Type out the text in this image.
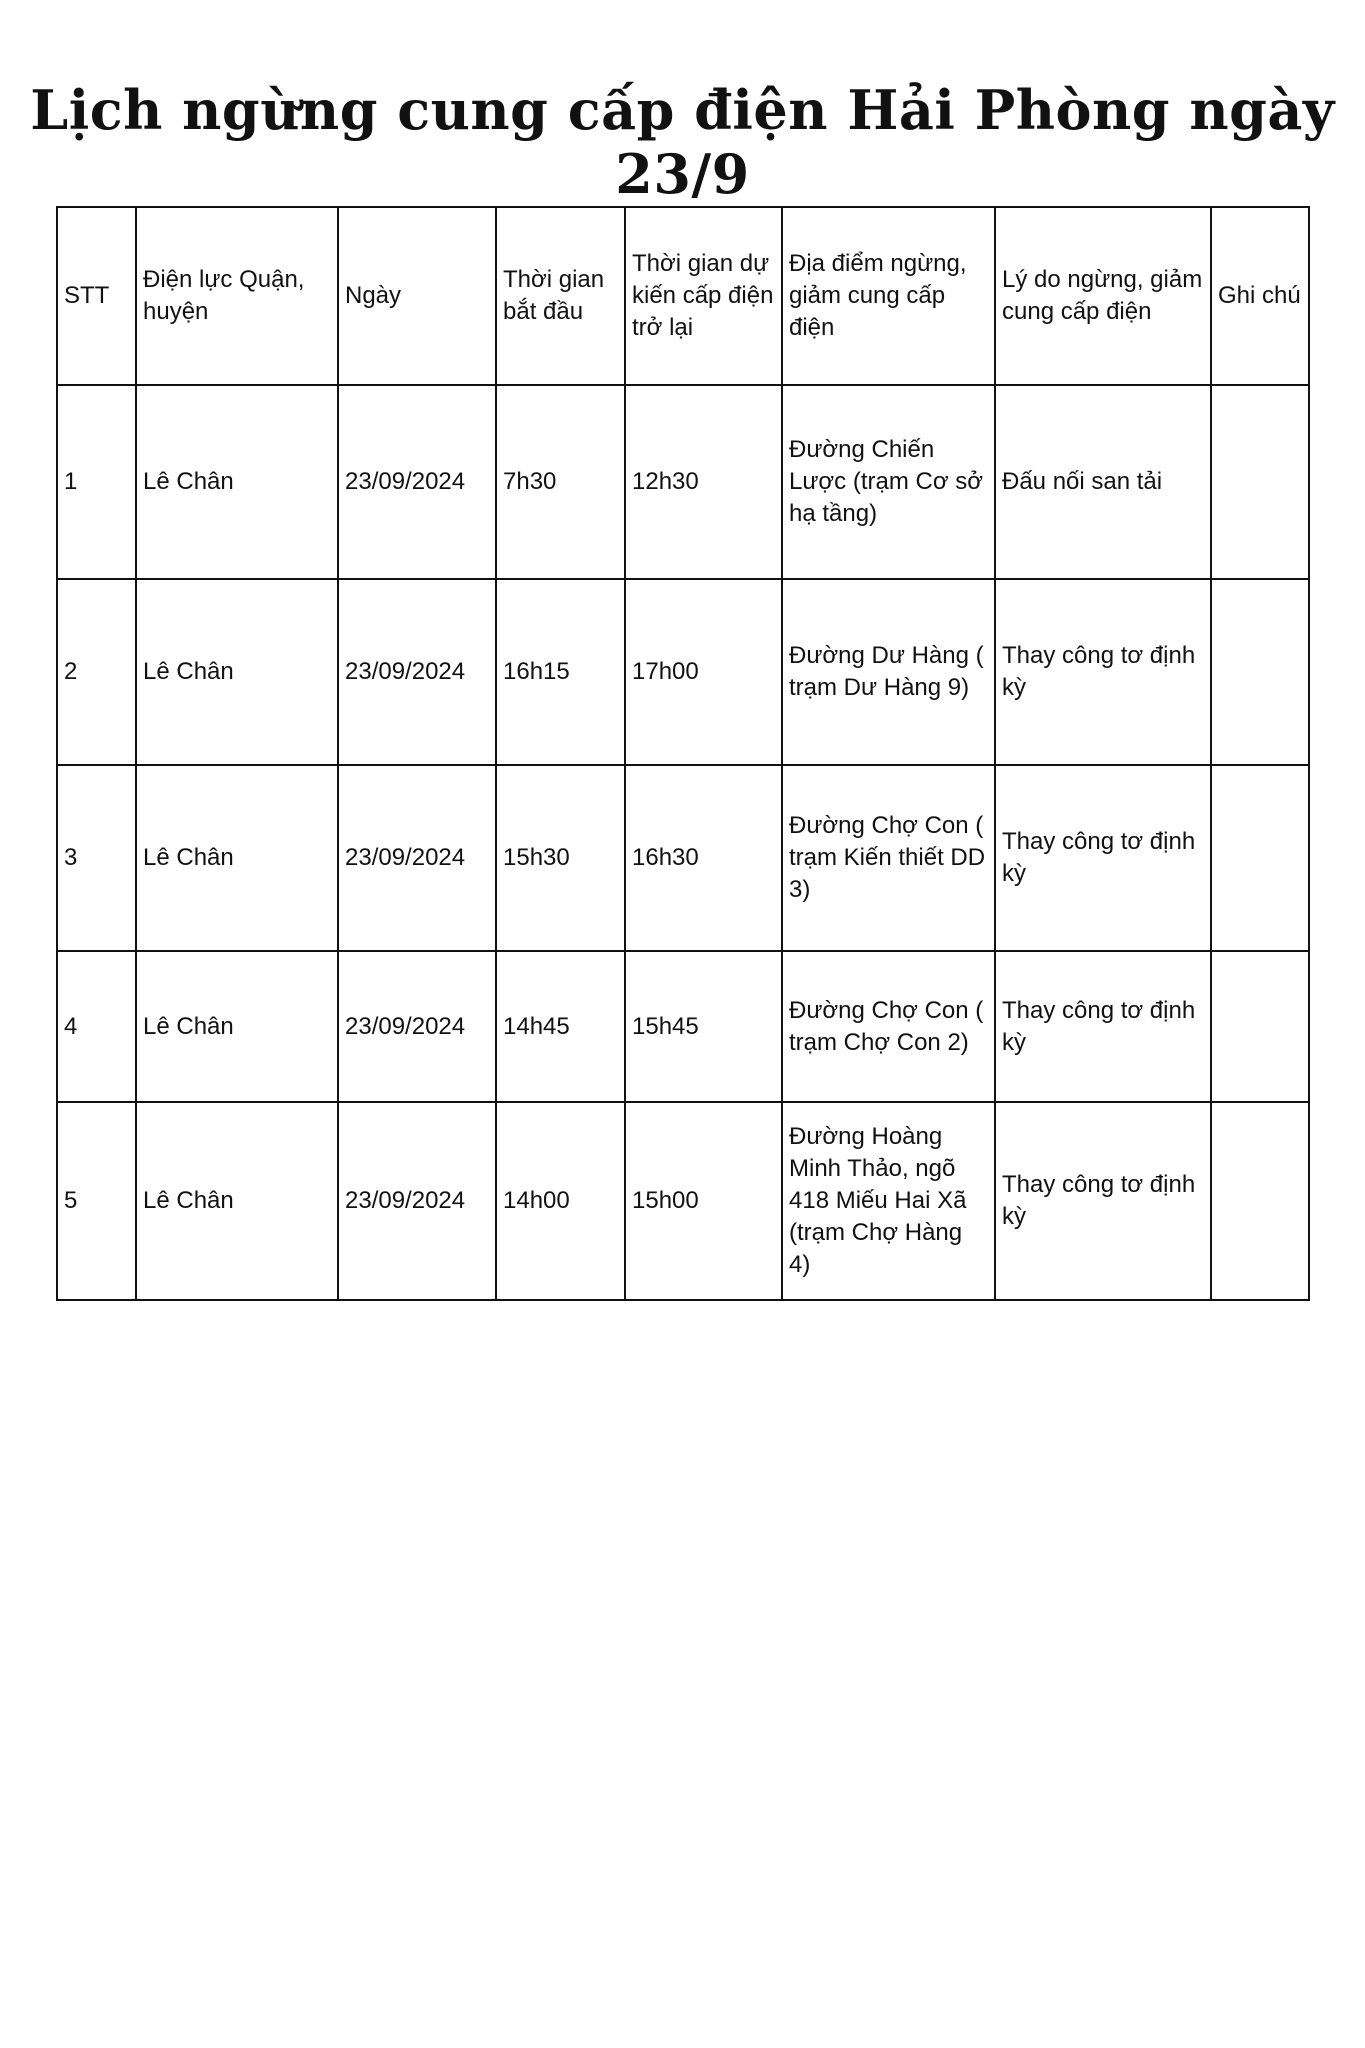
Lịch ngừng cung cấp điện Hải Phòng ngày 23/9
STT	Điện lực Quận, huyện	Ngày	Thời gian bắt đầu	Thời gian dự kiến cấp điện trở lại	Địa điểm ngừng, giảm cung cấp điện	Lý do ngừng, giảm cung cấp điện	Ghi chú
1	Lê Chân	23/09/2024	7h30	12h30	Đường Chiến Lược (trạm Cơ sở hạ tầng)	Đấu nối san tải	
2	Lê Chân	23/09/2024	16h15	17h00	Đường Dư Hàng ( trạm Dư Hàng 9)	Thay công tơ định kỳ	
3	Lê Chân	23/09/2024	15h30	16h30	Đường Chợ Con ( trạm Kiến thiết DD 3)	Thay công tơ định kỳ	
4	Lê Chân	23/09/2024	14h45	15h45	Đường Chợ Con ( trạm Chợ Con 2)	Thay công tơ định kỳ	
5	Lê Chân	23/09/2024	14h00	15h00	Đường Hoàng Minh Thảo, ngõ 418 Miếu Hai Xã (trạm Chợ Hàng 4)	Thay công tơ định kỳ	
